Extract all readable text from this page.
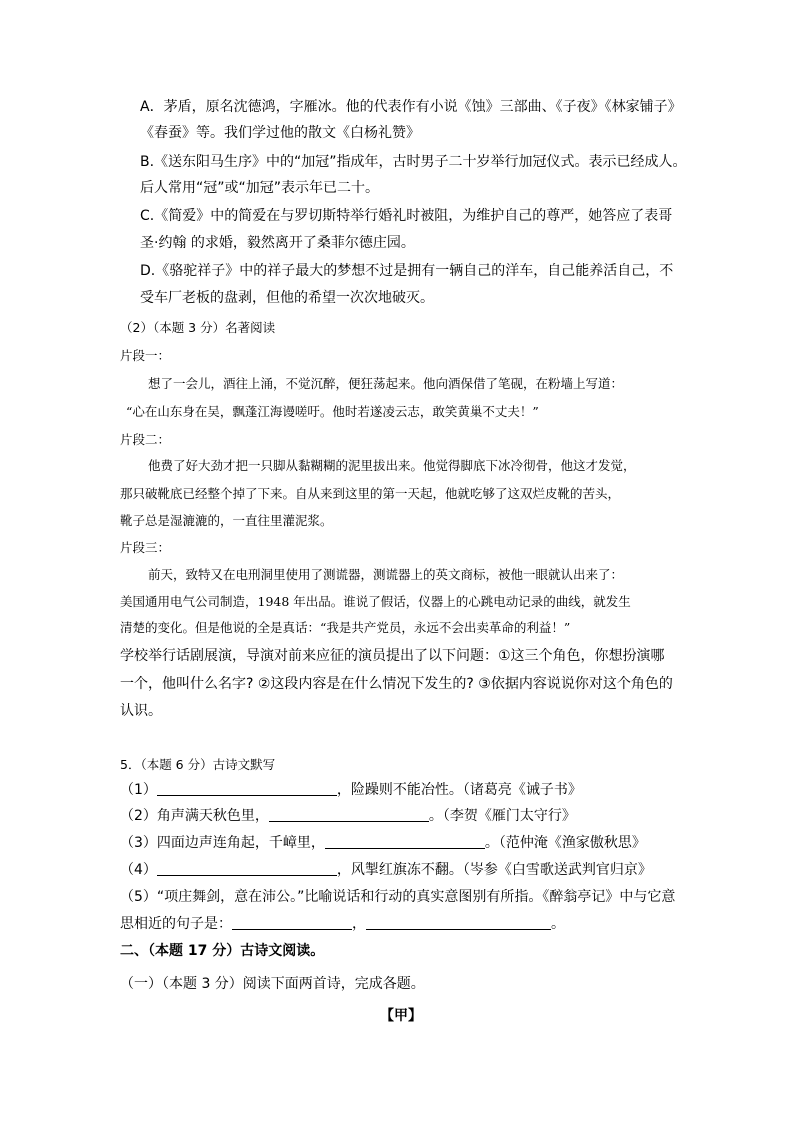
A．茅盾，原名沈德鸿，字雁冰。他的代表作有小说《蚀》三部曲、《子夜》《林家铺子》
《春蚕》等。我们学过他的散文《白杨礼赞》
B.《送东阳马生序》中的“加冠”指成年，古时男子二十岁举行加冠仪式。表示已经成人。
后人常用“冠”或“加冠”表示年已二十。
C.《简爱》中的简爱在与罗切斯特举行婚礼时被阻，为维护自己的尊严，她答应了表哥
圣·约翰 的求婚，毅然离开了桑菲尔德庄园。
D.《骆驼祥子》中的祥子最大的梦想不过是拥有一辆自己的洋车，自己能养活自己，不
受车厂老板的盘剥，但他的希望一次次地破灭。
（2）（本题 3 分）名著阅读
片段一：
想了一会儿，酒往上涌，不觉沉醉，便狂荡起来。他向酒保借了笔砚，在粉墙上写道：
“心在山东身在吴，飘蓬江海谩嗟吁。他时若遂凌云志，敢笑黄巢不丈夫！”
片段二：
他费了好大劲才把一只脚从黏糊糊的泥里拔出来。他觉得脚底下冰冷彻骨，他这才发觉，
那只破靴底已经整个掉了下来。自从来到这里的第一天起，他就吃够了这双烂皮靴的苦头，
靴子总是湿漉漉的，一直往里灌泥浆。
片段三：
前天，致特又在电刑洞里使用了测谎器，测谎器上的英文商标，被他一眼就认出来了：
美国通用电气公司制造，1948 年出品。谁说了假话，仪器上的心跳电动记录的曲线，就发生
清楚的变化。但是他说的全是真话：“我是共产党员，永远不会出卖革命的利益！”
学校举行话剧展演，导演对前来应征的演员提出了以下问题：①这三个角色，你想扮演哪
一个，他叫什么名字? ②这段内容是在什么情况下发生的? ③依据内容说说你对这个角色的
认识。
5．（本题 6 分）古诗文默写
（1）	，险躁则不能冶性。（诸葛亮《诫子书》
（2）角声满天秋色里，	。（李贺《雁门太守行》
（3）四面边声连角起，千嶂里，	。（范仲淹《渔家傲秋思》
（4）	，风掣红旗冻不翻。（岑参《白雪歌送武判官归京》
（5）“项庄舞剑，意在沛公。”比喻说话和行动的真实意图别有所指。《醉翁亭记》中与它意
思相近的句子是：	，	。
二、（本题 17 分）古诗文阅读。
（一）（本题 3 分）阅读下面两首诗，完成各题。
【甲】
